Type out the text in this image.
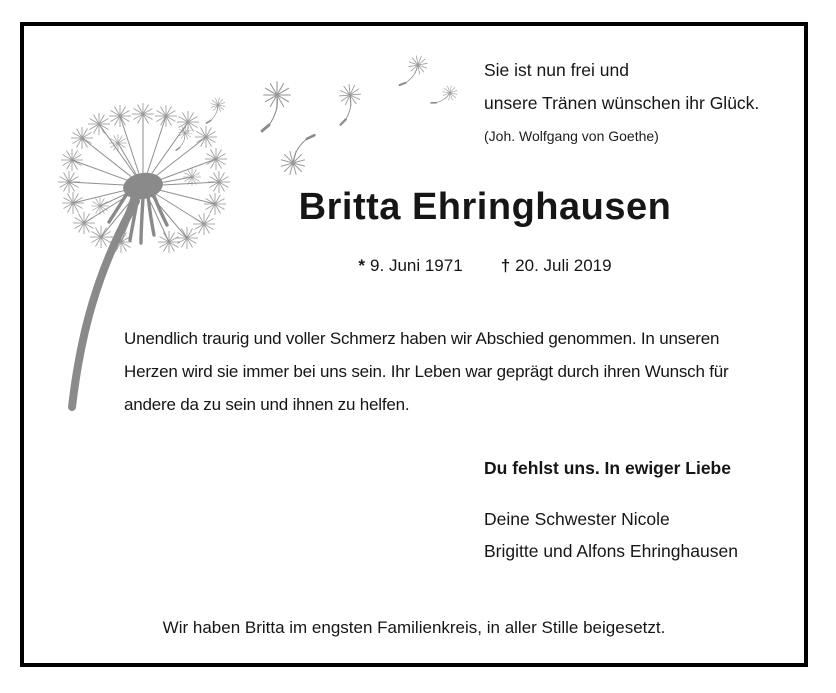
Sie ist nun frei und
unsere Tränen wünschen ihr Glück.
(Joh. Wolfgang von Goethe)
Britta Ehringhausen
* 9. Juni 1971 † 20. Juli 2019
Unendlich traurig und voller Schmerz haben wir Abschied genommen. In unseren
Herzen wird sie immer bei uns sein. Ihr Leben war geprägt durch ihren Wunsch für
andere da zu sein und ihnen zu helfen.
Du fehlst uns. In ewiger Liebe
Deine Schwester Nicole
Brigitte und Alfons Ehringhausen
Wir haben Britta im engsten Familienkreis, in aller Stille beigesetzt.
